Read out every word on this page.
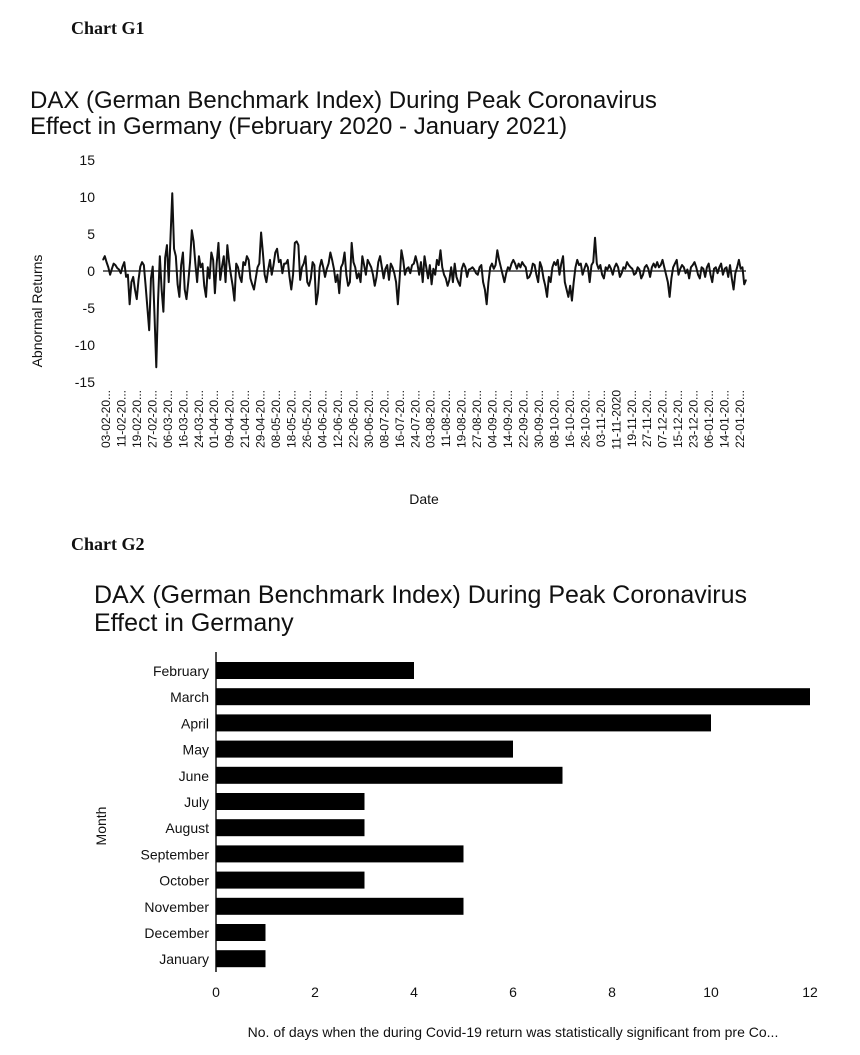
Chart G1
Chart G2
DAX (German Benchmark Index) During Peak Coronavirus
Effect in Germany (February 2020 - January 2021)
15
10
5
0
-5
-10
-15
03-02-20... 11-02-20... 19-02-20... 27-02-20... 06-03-20... 16-03-20... 24-03-20... 01-04-20... 09-04-20... 21-04-20... 29-04-20... 08-05-20... 18-05-20... 26-05-20... 04-06-20... 12-06-20... 22-06-20... 30-06-20... 08-07-20... 16-07-20... 24-07-20... 03-08-20... 11-08-20... 19-08-20... 27-08-20... 04-09-20... 14-09-20... 22-09-20... 30-09-20... 08-10-20... 16-10-20... 26-10-20... 03-11-20... 11-11-2020 19-11-20... 27-11-20... 07-12-20... 15-12-20... 23-12-20... 06-01-20... 14-01-20... 22-01-20...
Date
Abnormal Returns
DAX (German Benchmark Index) During Peak Coronavirus
Effect in Germany
February
March
April
May
June
July
August
September
October
November
December
January
0	2	4	6	8	10	12
No. of days when the during Covid-19 return was statistically significant from pre Co...
Month
